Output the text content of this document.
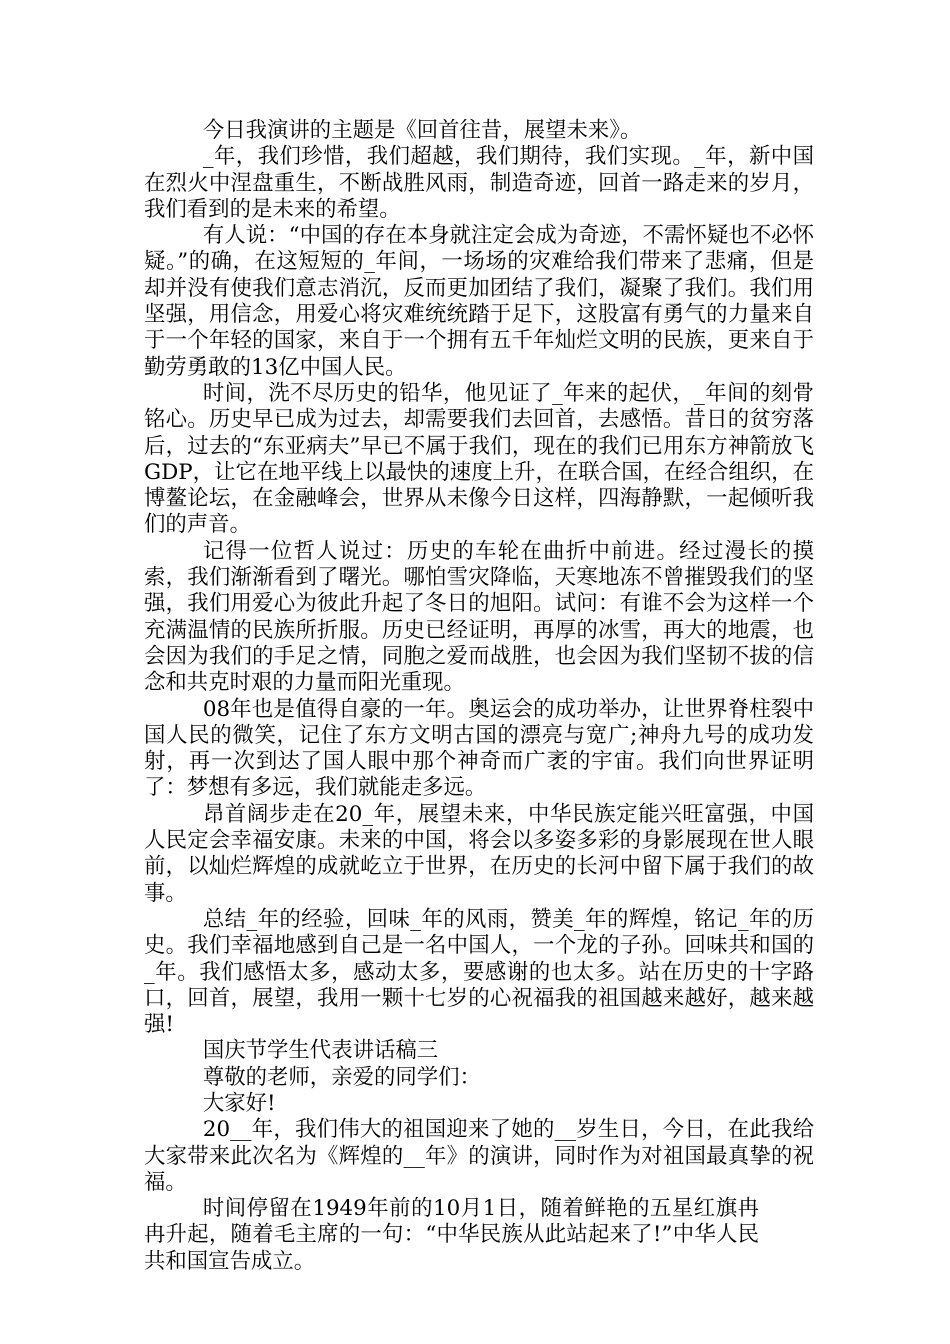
今日我演讲的主题是《回首往昔，展望未来》。

_年，我们珍惜，我们超越，我们期待，我们实现。_年，新中国在烈火中涅盘重生，不断战胜风雨，制造奇迹，回首一路走来的岁月，我们看到的是未来的希望。

有人说：“中国的存在本身就注定会成为奇迹，不需怀疑也不必怀疑。”的确，在这短短的_年间，一场场的灾难给我们带来了悲痛，但是却并没有使我们意志消沉，反而更加团结了我们，凝聚了我们。我们用坚强，用信念，用爱心将灾难统统踏于足下，这股富有勇气的力量来自于一个年轻的国家，来自于一个拥有五千年灿烂文明的民族，更来自于勤劳勇敢的13亿中国人民。

时间，洗不尽历史的铅华，他见证了_年来的起伏，_年间的刻骨铭心。历史早已成为过去，却需要我们去回首，去感悟。昔日的贫穷落后，过去的“东亚病夫”早已不属于我们，现在的我们已用东方神箭放飞GDP，让它在地平线上以最快的速度上升，在联合国，在经合组织，在博鳌论坛，在金融峰会，世界从未像今日这样，四海静默，一起倾听我们的声音。

记得一位哲人说过：历史的车轮在曲折中前进。经过漫长的摸索，我们渐渐看到了曙光。哪怕雪灾降临，天寒地冻不曾摧毁我们的坚强，我们用爱心为彼此升起了冬日的旭阳。试问：有谁不会为这样一个充满温情的民族所折服。历史已经证明，再厚的冰雪，再大的地震，也会因为我们的手足之情，同胞之爱而战胜，也会因为我们坚韧不拔的信念和共克时艰的力量而阳光重现。

08年也是值得自豪的一年。奥运会的成功举办，让世界脊柱裂中国人民的微笑，记住了东方文明古国的漂亮与宽广;神舟九号的成功发射，再一次到达了国人眼中那个神奇而广袤的宇宙。我们向世界证明了：梦想有多远，我们就能走多远。

昂首阔步走在20_年，展望未来，中华民族定能兴旺富强，中国人民定会幸福安康。未来的中国，将会以多姿多彩的身影展现在世人眼前，以灿烂辉煌的成就屹立于世界，在历史的长河中留下属于我们的故事。

总结_年的经验，回味_年的风雨，赞美_年的辉煌，铭记_年的历史。我们幸福地感到自己是一名中国人，一个龙的子孙。回味共和国的_年。我们感悟太多，感动太多，要感谢的也太多。站在历史的十字路口，回首，展望，我用一颗十七岁的心祝福我的祖国越来越好，越来越强!

国庆节学生代表讲话稿三

尊敬的老师，亲爱的同学们：

大家好!

20__年，我们伟大的祖国迎来了她的__岁生日，今日，在此我给大家带来此次名为《辉煌的__年》的演讲，同时作为对祖国最真挚的祝福。

时间停留在1949年前的10月1日，随着鲜艳的五星红旗冉冉升起，随着毛主席的一句：“中华民族从此站起来了!”中华人民共和国宣告成立。
